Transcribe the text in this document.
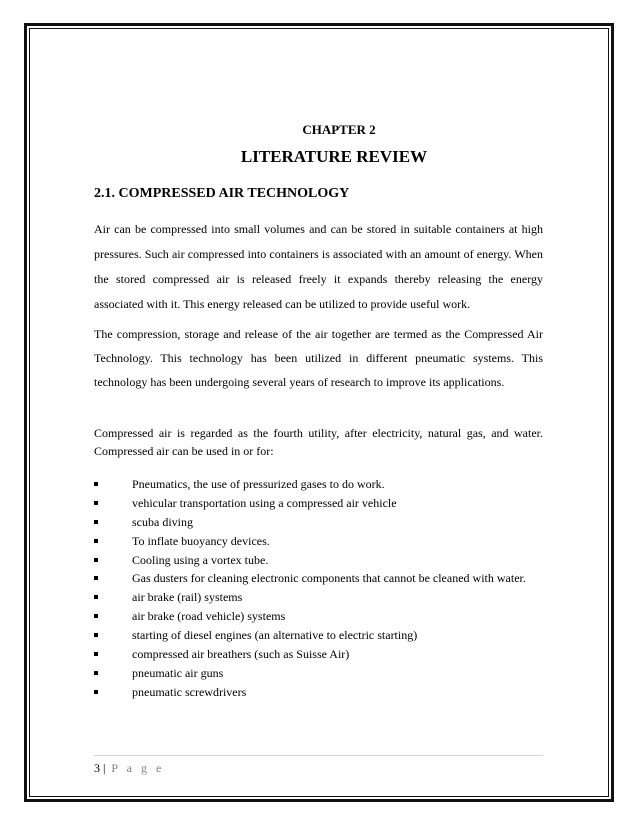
CHAPTER 2
LITERATURE REVIEW
2.1. COMPRESSED AIR TECHNOLOGY
Air can be compressed into small volumes and can be stored in suitable containers at high pressures. Such air compressed into containers is associated with an amount of energy. When the stored compressed air is released freely it expands thereby releasing the energy associated with it. This energy released can be utilized to provide useful work.
The compression, storage and release of the air together are termed as the Compressed Air Technology. This technology has been utilized in different pneumatic systems. This technology has been undergoing several years of research to improve its applications.
Compressed air is regarded as the fourth utility, after electricity, natural gas, and water. Compressed air can be used in or for:
Pneumatics, the use of pressurized gases to do work.
vehicular transportation using a compressed air vehicle
scuba diving
To inflate buoyancy devices.
Cooling using a vortex tube.
Gas dusters for cleaning electronic components that cannot be cleaned with water.
air brake (rail) systems
air brake (road vehicle) systems
starting of diesel engines (an alternative to electric starting)
compressed air breathers (such as Suisse Air)
pneumatic air guns
pneumatic screwdrivers
3 | P a g e
